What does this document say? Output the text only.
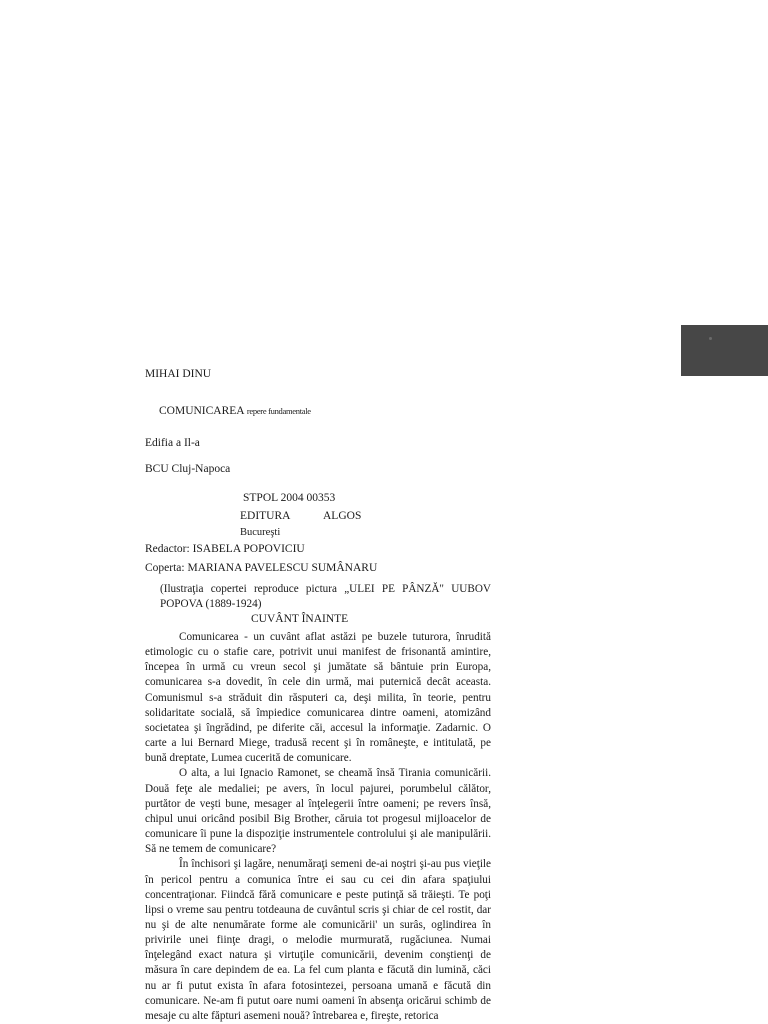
MIHAI DINU
COMUNICAREA repere fundamentale
Edifia a Il-a
BCU Cluj-Napoca
STPOL 2004 00353
EDITURA	ALGOS
Bucureşti
Redactor: ISABELA POPOVICIU
Coperta: MARIANA PAVELESCU SUMÂNARU
(Ilustraţia copertei reproduce pictura „ULEI PE PÂNZĂ" UUBOV POPOVA (1889-1924)
CUVÂNT ÎNAINTE

Comunicarea - un cuvânt aflat astăzi pe buzele tuturora, înrudită etimologic cu o stafie care, potrivit unui manifest de frisonantă amintire, începea în urmă cu vreun secol şi jumătate să bântuie prin Europa, comunicarea s-a dovedit, în cele din urmă, mai puternică decât aceasta. Comunismul s-a străduit din răsputeri ca, deşi milita, în teorie, pentru solidaritate socială, să împiedice comunicarea dintre oameni, atomizând societatea şi îngrădind, pe diferite căi, accesul la informaţie. Zadarnic. O carte a lui Bernard Miege, tradusă recent şi în româneşte, e intitulată, pe bună dreptate, Lumea cucerită de comunicare.

O alta, a lui Ignacio Ramonet, se cheamă însă Tirania comunicării. Două feţe ale medaliei; pe avers, în locul pajurei, porumbelul călător, purtător de veşti bune, mesager al înţelegerii între oameni; pe revers însă, chipul unui oricând posibil Big Brother, căruia tot progesul mijloacelor de comunicare îi pune la dispoziţie instrumentele controlului şi ale manipulării. Să ne temem de comunicare?

În închisori şi lagăre, nenumăraţi semeni de-ai noştri şi-au pus vieţile în pericol pentru a comunica între ei sau cu cei din afara spaţiului concentraţionar. Fiindcă fără comunicare e peste putinţă să trăieşti. Te poţi lipsi o vreme sau pentru totdeauna de cuvântul scris şi chiar de cel rostit, dar nu şi de alte nenumărate forme ale comunicării' un surâs, oglindirea în privirile unei fiinţe dragi, o melodie murmurată, rugăciunea. Numai înţelegând exact natura şi virtuţile comunicării, devenim conştienţi de măsura în care depindem de ea. La fel cum planta e făcută din lumină, căci nu ar fi putut exista în afara fotosintezei, persoana umană e făcută din comunicare. Ne-am fi putut oare numi oameni în absenţa oricărui schimb de mesaje cu alte făpturi asemeni nouă? întrebarea e, fireşte, retorica
